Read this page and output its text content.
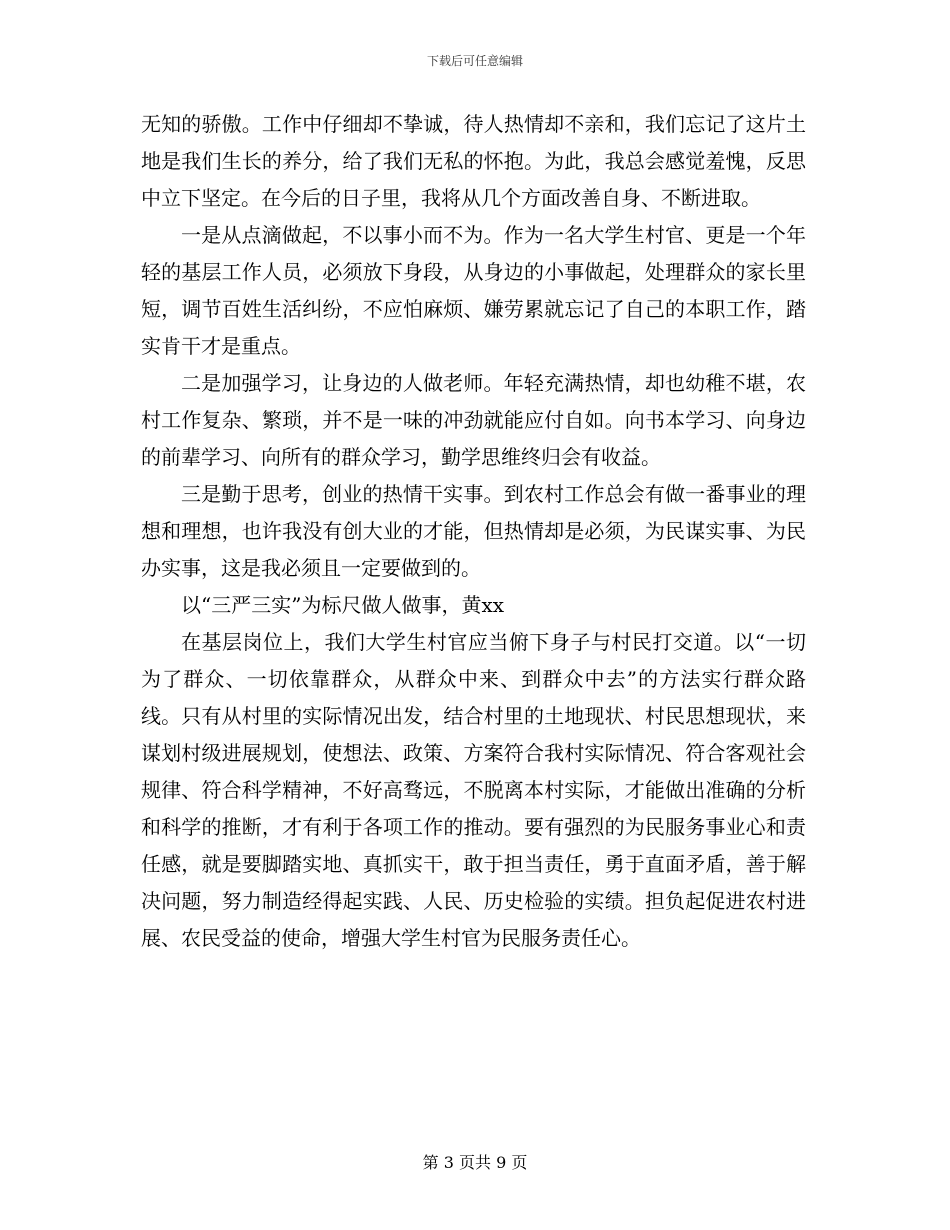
下载后可任意编辑

无知的骄傲。工作中仔细却不挚诚，待人热情却不亲和，我们忘记了这片土地是我们生长的养分，给了我们无私的怀抱。为此，我总会感觉羞愧，反思中立下坚定。在今后的日子里，我将从几个方面改善自身、不断进取。

一是从点滴做起，不以事小而不为。作为一名大学生村官、更是一个年轻的基层工作人员，必须放下身段，从身边的小事做起，处理群众的家长里短，调节百姓生活纠纷，不应怕麻烦、嫌劳累就忘记了自己的本职工作，踏实肯干才是重点。

二是加强学习，让身边的人做老师。年轻充满热情，却也幼稚不堪，农村工作复杂、繁琐，并不是一味的冲劲就能应付自如。向书本学习、向身边的前辈学习、向所有的群众学习，勤学思维终归会有收益。

三是勤于思考，创业的热情干实事。到农村工作总会有做一番事业的理想和理想，也许我没有创大业的才能，但热情却是必须，为民谋实事、为民办实事，这是我必须且一定要做到的。

以“三严三实”为标尺做人做事，黄xx

在基层岗位上，我们大学生村官应当俯下身子与村民打交道。以“一切为了群众、一切依靠群众，从群众中来、到群众中去”的方法实行群众路线。只有从村里的实际情况出发，结合村里的土地现状、村民思想现状，来谋划村级进展规划，使想法、政策、方案符合我村实际情况、符合客观社会规律、符合科学精神，不好高骛远，不脱离本村实际，才能做出准确的分析和科学的推断，才有利于各项工作的推动。要有强烈的为民服务事业心和责任感，就是要脚踏实地、真抓实干，敢于担当责任，勇于直面矛盾，善于解决问题，努力制造经得起实践、人民、历史检验的实绩。担负起促进农村进展、农民受益的使命，增强大学生村官为民服务责任心。

第 3 页共 9 页
